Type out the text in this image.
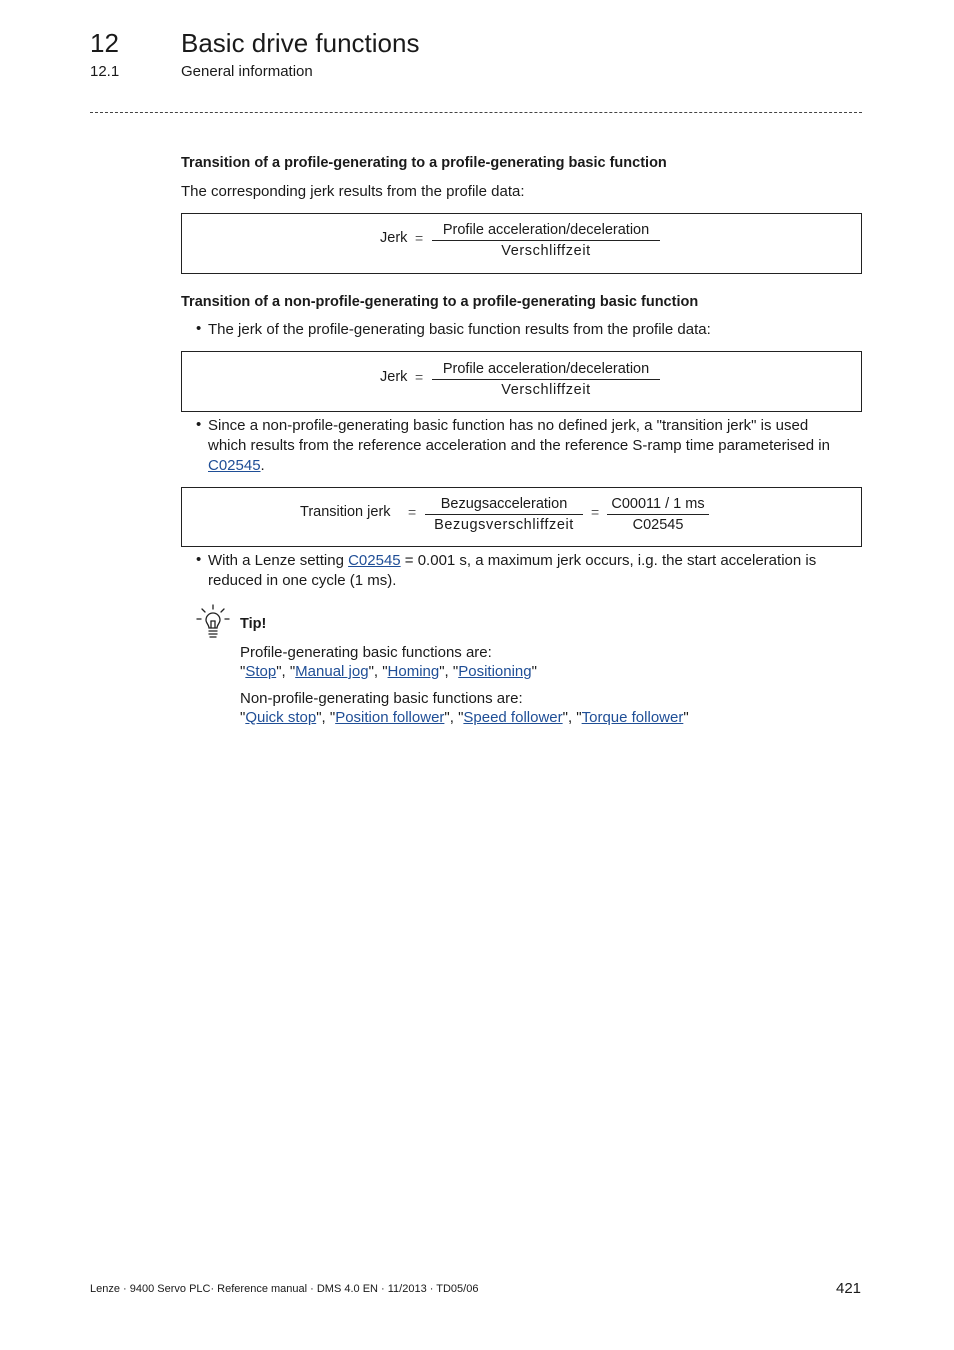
12 Basic drive functions
12.1	General information
Transition of a profile-generating to a profile-generating basic function
The corresponding jerk results from the profile data:
Jerk =	Profile acceleration/deceleration
Verschliffzeit
Transition of a non-profile-generating to a profile-generating basic function
• The jerk of the profile-generating basic function results from the profile data:
Jerk =	Profile acceleration/deceleration
Verschliffzeit
• Since a non-profile-generating basic function has no defined jerk, a "transition jerk" is used
which results from the reference acceleration and the reference S-ramp time parameterised in
C02545.
Transition jerk =	Bezugsacceleration
Bezugsverschliffzeit
= $\frac{C00011 / 1 ms}{C02545}$
• With a Lenze setting C02545 = 0.001 s, a maximum jerk occurs, i.g. the start acceleration is
reduced in one cycle (1 ms).
Tip!
Profile-generating basic functions are:
"Stop", "Manual jog", "Homing", "Positioning"
Non-profile-generating basic functions are:
"Quick stop", "Position follower", "Speed follower", "Torque follower"
Lenze · 9400 Servo PLC· Reference manual · DMS 4.0 EN · 11/2013 · TD05/06	421
